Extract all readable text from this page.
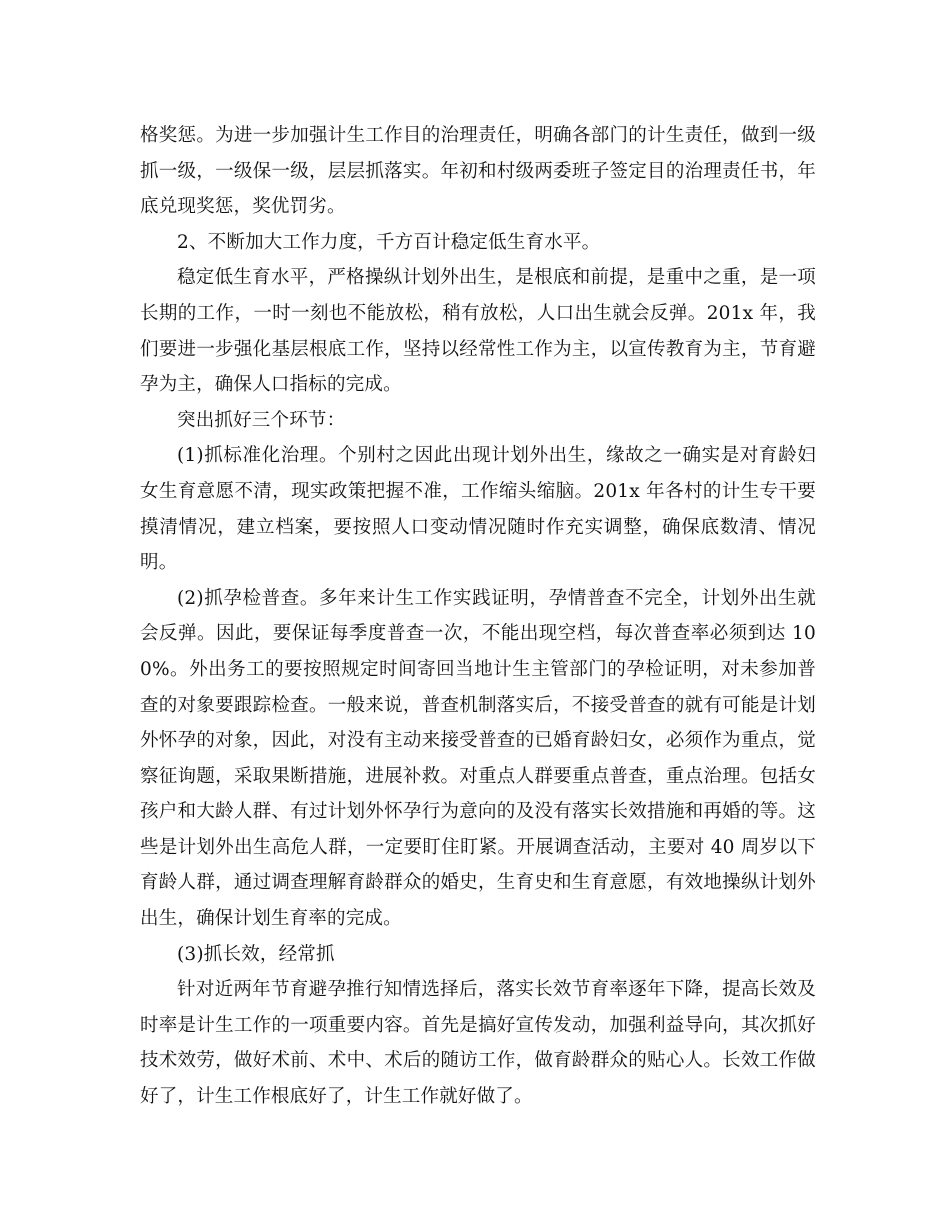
格奖惩。为进一步加强计生工作目的治理责任，明确各部门的计生责任，做到一级抓一级，一级保一级，层层抓落实。年初和村级两委班子签定目的治理责任书，年底兑现奖惩，奖优罚劣。

2、不断加大工作力度，千方百计稳定低生育水平。

稳定低生育水平，严格操纵计划外出生，是根底和前提，是重中之重，是一项长期的工作，一时一刻也不能放松，稍有放松，人口出生就会反弹。201x 年，我们要进一步强化基层根底工作，坚持以经常性工作为主，以宣传教育为主，节育避孕为主，确保人口指标的完成。

突出抓好三个环节：

(1)抓标准化治理。个别村之因此出现计划外出生，缘故之一确实是对育龄妇女生育意愿不清，现实政策把握不准，工作缩头缩脑。201x 年各村的计生专干要摸清情况，建立档案，要按照人口变动情况随时作充实调整，确保底数清、情况明。

(2)抓孕检普查。多年来计生工作实践证明，孕情普查不完全，计划外出生就会反弹。因此，要保证每季度普查一次，不能出现空档，每次普查率必须到达 100%。外出务工的要按照规定时间寄回当地计生主管部门的孕检证明，对未参加普查的对象要跟踪检查。一般来说，普查机制落实后，不接受普查的就有可能是计划外怀孕的对象，因此，对没有主动来接受普查的已婚育龄妇女，必须作为重点，觉察征询题，采取果断措施，进展补救。对重点人群要重点普查，重点治理。包括女孩户和大龄人群、有过计划外怀孕行为意向的及没有落实长效措施和再婚的等。这些是计划外出生高危人群，一定要盯住盯紧。开展调查活动，主要对 40 周岁以下育龄人群，通过调查理解育龄群众的婚史，生育史和生育意愿，有效地操纵计划外出生，确保计划生育率的完成。

(3)抓长效，经常抓

针对近两年节育避孕推行知情选择后，落实长效节育率逐年下降，提高长效及时率是计生工作的一项重要内容。首先是搞好宣传发动，加强利益导向，其次抓好技术效劳，做好术前、术中、术后的随访工作，做育龄群众的贴心人。长效工作做好了，计生工作根底好了，计生工作就好做了。
